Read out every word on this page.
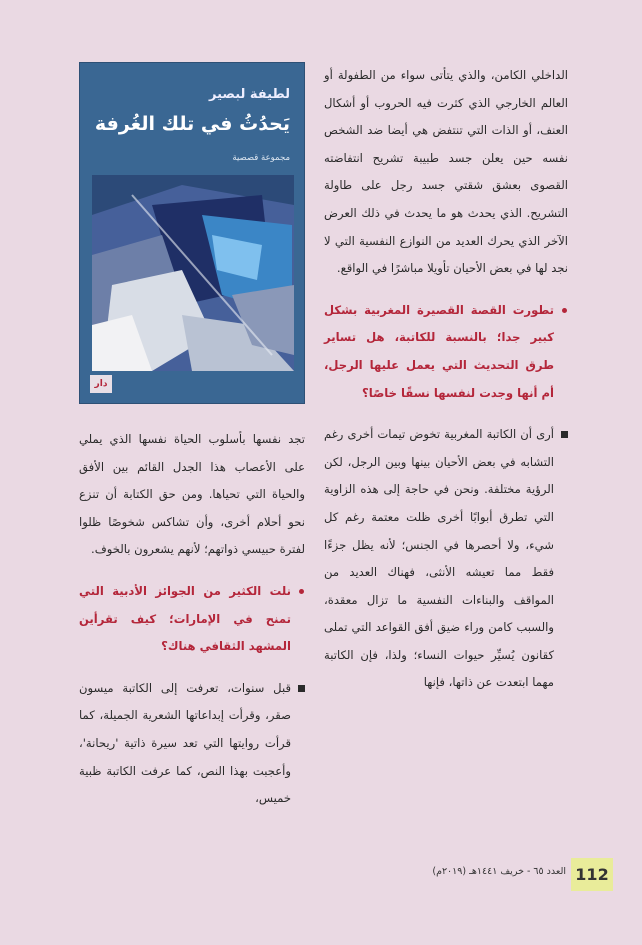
لطيفة لبصير
يَحدُثُ في تلك الغُرفة
مجموعة قصصية
دار

الداخلي الكامن، والذي يتأتى سواء من الطفولة أو العالم الخارجي الذي كثرت فيه الحروب أو أشكال العنف، أو الذات التي تنتفض هي أيضا ضد الشخص نفسه حين يعلن جسد طبيبة تشريح انتفاضته القصوى بعشق شقتي جسد رجل على طاولة التشريح. الذي يحدث هو ما يحدث في ذلك العرض الآخر الذي يحرك العديد من النوازع النفسية التي لا نجد لها في بعض الأحيان تأويلا مباشرًا في الواقع.

تطورت القصة القصيرة المغربية بشكل كبير جدا؛ بالنسبة للكاتبة، هل تساير طرق التحديث التي يعمل عليها الرجل، أم أنها وجدت لنفسها نسقًا خاصًا؟

أرى أن الكاتبة المغربية تخوض تيمات أخرى رغم التشابه في بعض الأحيان بينها وبين الرجل، لكن الرؤية مختلفة. ونحن في حاجة إلى هذه الزاوية التي تطرق أبوابًا أخرى ظلت معتمة رغم كل شيء، ولا أحصرها في الجنس؛ لأنه يظل جزءًا فقط مما تعيشه الأنثى، فهناك العديد من المواقف والبناءات النفسية ما تزال معقدة، والسبب كامن وراء ضيق أفق القواعد التي تملى كقانون يُسيِّر حيوات النساء؛ ولذا، فإن الكاتبة مهما ابتعدت عن ذاتها، فإنها

تجد نفسها بأسلوب الحياة نفسها الذي يملي على الأعصاب هذا الجدل القائم بين الأفق والحياة التي تحياها. ومن حق الكتابة أن تنزع نحو أحلام أخرى، وأن تشاكس شخوصًا ظلوا لفترة حبيسي ذواتهم؛ لأنهم يشعرون بالخوف.

نلت الكثير من الجوائز الأدبية التي تمنح في الإمارات؛ كيف تقرأين المشهد الثقافي هناك؟

قبل سنوات، تعرفت إلى الكاتبة ميسون صقر، وقرأت إبداعاتها الشعرية الجميلة، كما قرأت روايتها التي تعد سيرة ذاتية 'ريحانة'، وأعجبت بهذا النص، كما عرفت الكاتبة ظبية خميس،

العدد ٦٥ - خريف ١٤٤١هـ (٢٠١٩م) 112
